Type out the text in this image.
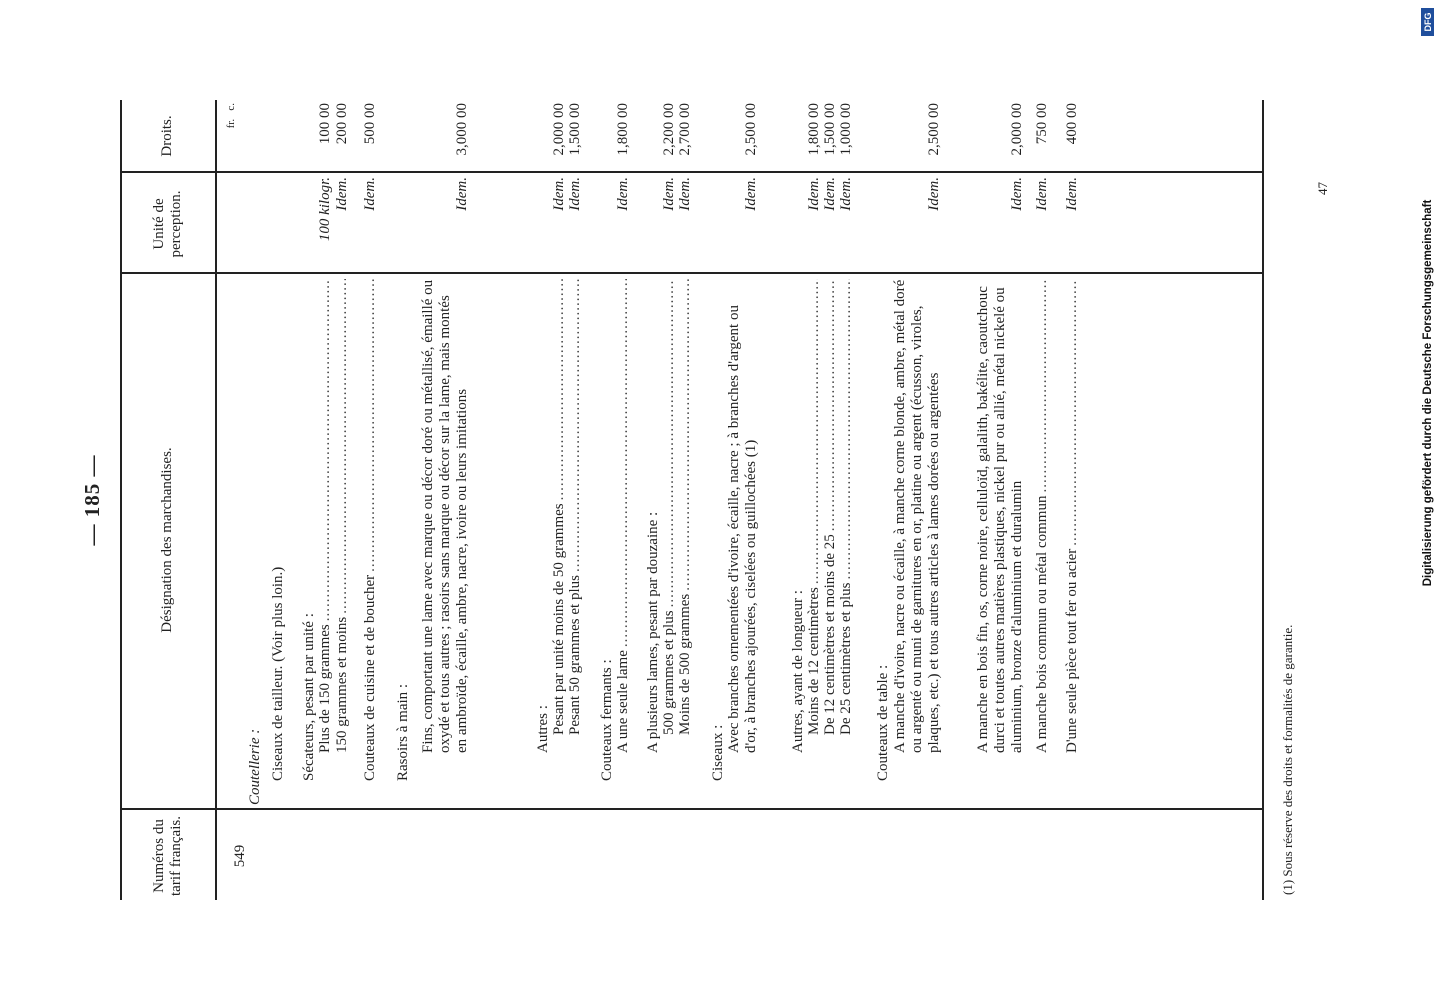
— 185 —
Numéros du tarif français.
Désignation des marchandises.
Unité de perception.
Droits.	fr.   c.
549
Coutellerie : Ciseaux de tailleur. (Voir plus loin.) Sécateurs, pesant par unité : Plus de 150 grammes
.....
100 kilogr.
100 00
150 grammes et moins
.....
Idem.
200 00
Couteaux de cuisine et de boucher
.....
Idem.
500 00
Rasoirs à main : Fins, comportant une lame avec marque ou décor doré ou métallisé, émaillé ou oxydé et tous autres ; rasoirs sans marque ou décor sur la lame, mais montés en ambroïde, écaille, ambre, nacre, ivoire ou leurs imitations
Idem.
3,000 00
Autres : Pesant par unité moins de 50 grammes
.....
Idem.
2,000 00
Pesant 50 grammes et plus
.....
Idem.
1,500 00
Couteaux fermants : A une seule lame
.....
Idem.
1,800 00
A plusieurs lames, pesant par douzaine : 500 grammes et plus
.....
Idem.
2,200 00
Moins de 500 grammes
.....
Idem.
2,700 00
Ciseaux : Avec branches ornementées d'ivoire, écaille, nacre ; à branches d'argent ou d'or, à branches ajourées, ciselées ou guillochées (1)
Idem.
2,500 00
Autres, ayant de longueur : Moins de 12 centimètres
.....
Idem.
1,800 00
De 12 centimètres et moins de 25
.....
Idem.
1,500 00
De 25 centimètres et plus
.....
Idem.
1,000 00
Couteaux de table : A manche d'ivoire, nacre ou écaille, à manche corne blonde, ambre, métal doré ou argenté ou muni de garnitures en or, platine ou argent (écusson, viroles, plaques, etc.) et tous autres articles à lames dorées ou argentées
Idem.
2,500 00
A manche en bois fin, os, corne noire, celluloïd, galalith, bakélite, caoutchouc durci et toutes autres matières plastiques, nickel pur ou allié, métal nickelé ou aluminium, bronze d'aluminium et duralumin
Idem.
2,000 00
A manche bois commun ou métal commun
.....
Idem.
750 00
D'une seule pièce tout fer ou acier
.....
Idem.
400 00
(1) Sous réserve des droits et formalités de garantie.
47
DFG
Digitalisierung gefördert durch die Deutsche Forschungsgemeinschaft
